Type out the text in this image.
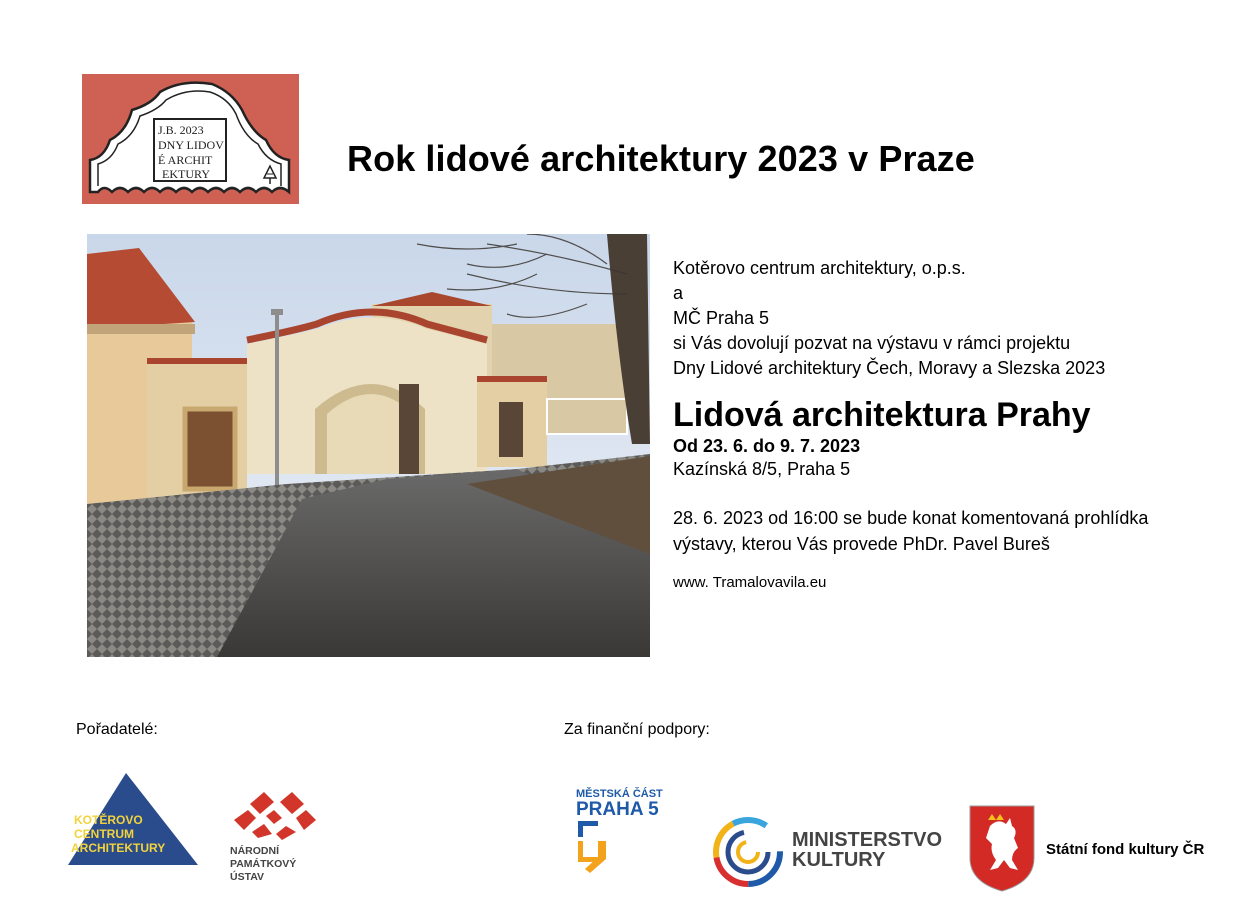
J.B. 2023
DNY LIDOV
É ARCHIT
EKTURY	Rok lidové architektury 2023 v Praze
Kotěrovo centrum architektury, o.p.s.
a
MČ Praha 5
si Vás dovolují pozvat na výstavu v rámci projektu
Dny Lidové architektury Čech, Moravy a Slezska 2023
Lidová architektura Prahy
Od 23. 6. do 9. 7. 2023
Kazínská 8/5, Praha 5
28. 6. 2023 od 16:00 se bude konat komentovaná prohlídka
výstavy, kterou Vás provede PhDr. Pavel Bureš
www. Tramalovavila.eu
Pořadatelé:	Za finanční podpory:
KOTĚROVO
CENTRUM
ARCHITEKTURY	NÁRODNÍ
PAMÁTKOVÝ
ÚSTAV
MĚSTSKÁ ČÁST
PRAHA 5
MINISTERSTVO
KULTURY	Státní fond kultury ČR
